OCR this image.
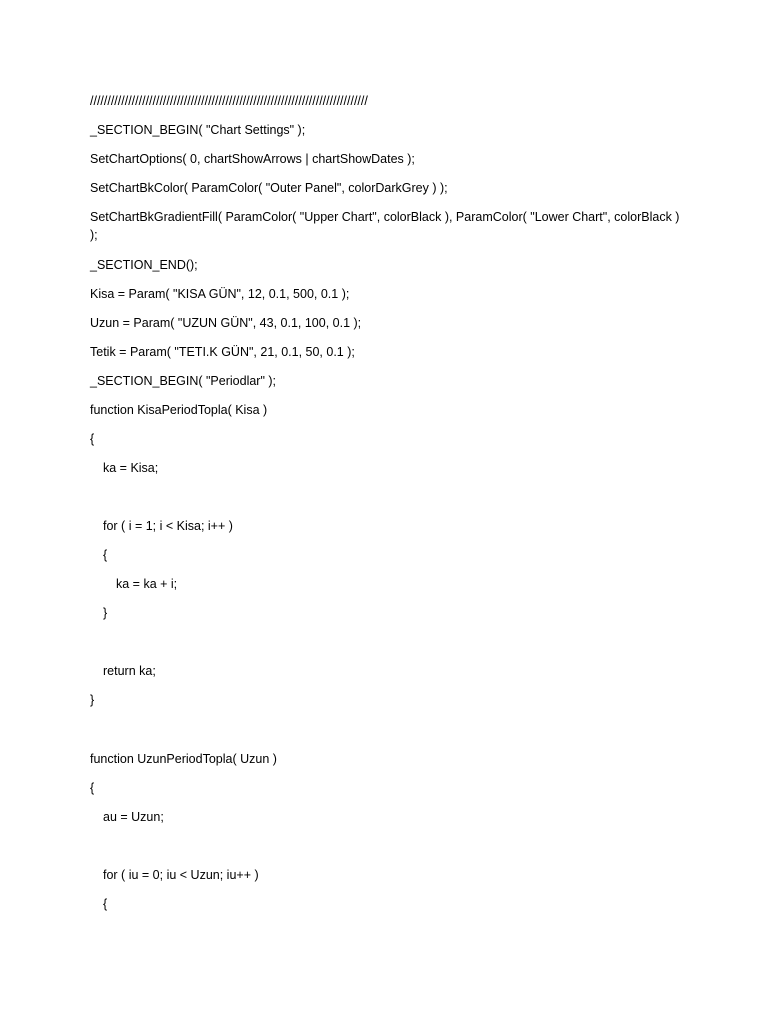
////////////////////////////////////////////////////////////////////////////////

_SECTION_BEGIN( "Chart Settings" );

SetChartOptions( 0, chartShowArrows | chartShowDates );

SetChartBkColor( ParamColor( "Outer Panel", colorDarkGrey ) );

SetChartBkGradientFill( ParamColor( "Upper Chart", colorBlack ), ParamColor( "Lower Chart", colorBlack ) );

_SECTION_END();

Kisa = Param( "KISA GÜN", 12, 0.1, 500, 0.1 );

Uzun = Param( "UZUN GÜN", 43, 0.1, 100, 0.1 );

Tetik = Param( "TETI.K GÜN", 21, 0.1, 50, 0.1 );

_SECTION_BEGIN( "Periodlar" );

function KisaPeriodTopla( Kisa )

{

ka = Kisa;

for ( i = 1; i < Kisa; i++ )

{

ka = ka + i;

}

return ka;

}

function UzunPeriodTopla( Uzun )

{

au = Uzun;

for ( iu = 0; iu < Uzun; iu++ )

{
